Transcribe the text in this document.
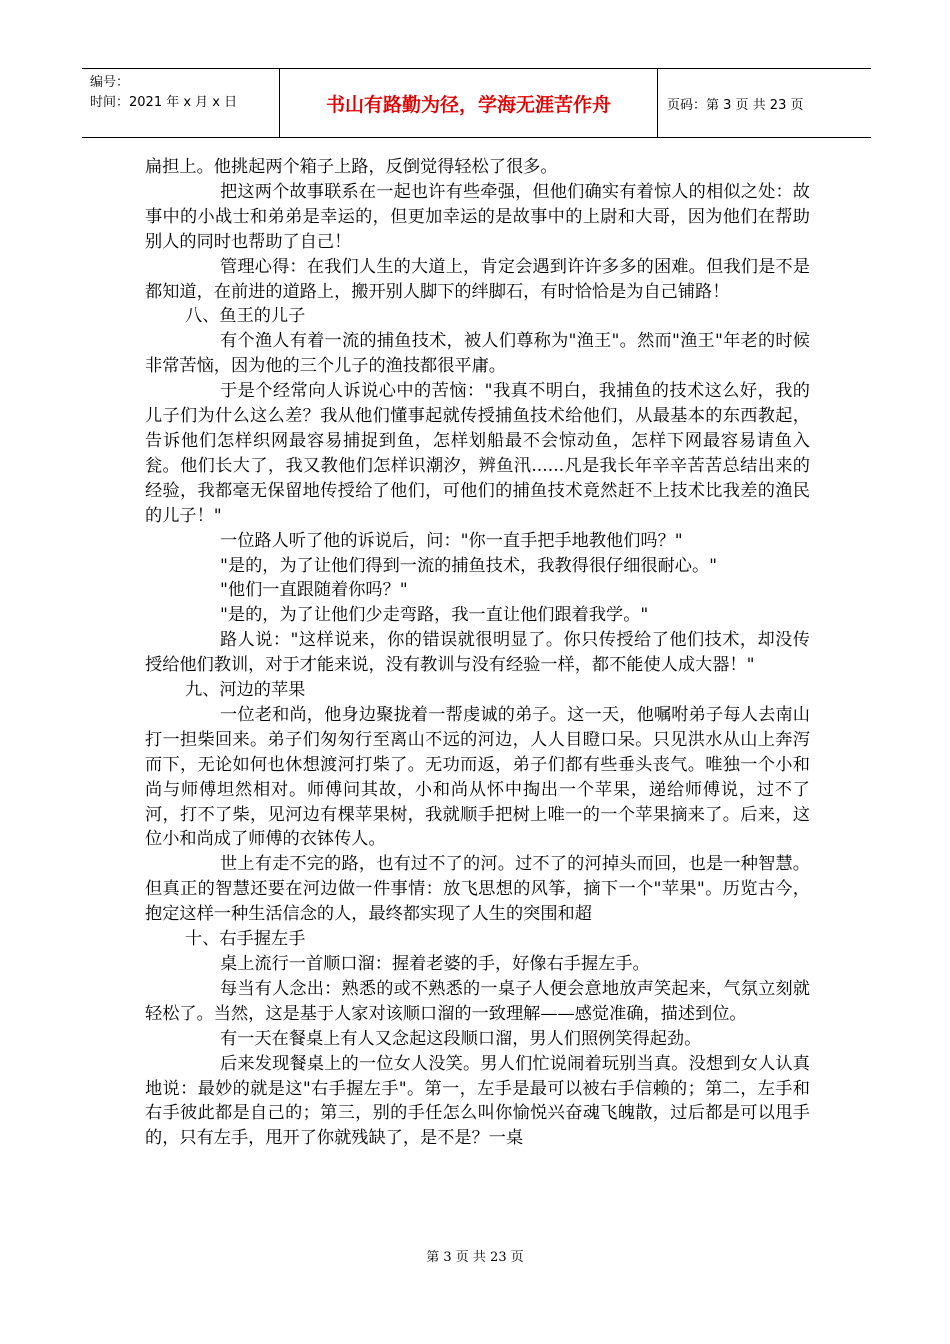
编号：
时间：2021 年 x 月 x 日	书山有路勤为径，学海无涯苦作舟	页码：第 3 页 共 23 页

扁担上。他挑起两个箱子上路，反倒觉得轻松了很多。

把这两个故事联系在一起也许有些牵强，但他们确实有着惊人的相似之处：故事中的小战士和弟弟是幸运的，但更加幸运的是故事中的上尉和大哥，因为他们在帮助别人的同时也帮助了自己！

管理心得：在我们人生的大道上，肯定会遇到许许多多的困难。但我们是不是都知道，在前进的道路上，搬开别人脚下的绊脚石，有时恰恰是为自己铺路！

八、鱼王的儿子

有个渔人有着一流的捕鱼技术，被人们尊称为"渔王"。然而"渔王"年老的时候非常苦恼，因为他的三个儿子的渔技都很平庸。

于是个经常向人诉说心中的苦恼："我真不明白，我捕鱼的技术这么好，我的儿子们为什么这么差？我从他们懂事起就传授捕鱼技术给他们，从最基本的东西教起，告诉他们怎样织网最容易捕捉到鱼，怎样划船最不会惊动鱼，怎样下网最容易请鱼入瓮。他们长大了，我又教他们怎样识潮汐，辨鱼汛......凡是我长年辛辛苦苦总结出来的经验，我都毫无保留地传授给了他们，可他们的捕鱼技术竟然赶不上技术比我差的渔民的儿子！"

一位路人听了他的诉说后，问："你一直手把手地教他们吗？"

"是的，为了让他们得到一流的捕鱼技术，我教得很仔细很耐心。"

"他们一直跟随着你吗？"

"是的，为了让他们少走弯路，我一直让他们跟着我学。"

路人说："这样说来，你的错误就很明显了。你只传授给了他们技术，却没传授给他们教训，对于才能来说，没有教训与没有经验一样，都不能使人成大器！"

九、河边的苹果

一位老和尚，他身边聚拢着一帮虔诚的弟子。这一天，他嘱咐弟子每人去南山打一担柴回来。弟子们匆匆行至离山不远的河边，人人目瞪口呆。只见洪水从山上奔泻而下，无论如何也休想渡河打柴了。无功而返，弟子们都有些垂头丧气。唯独一个小和尚与师傅坦然相对。师傅问其故，小和尚从怀中掏出一个苹果，递给师傅说，过不了河，打不了柴，见河边有棵苹果树，我就顺手把树上唯一的一个苹果摘来了。后来，这位小和尚成了师傅的衣钵传人。

世上有走不完的路，也有过不了的河。过不了的河掉头而回，也是一种智慧。但真正的智慧还要在河边做一件事情：放飞思想的风筝，摘下一个"苹果"。历览古今，抱定这样一种生活信念的人，最终都实现了人生的突围和超

十、右手握左手

桌上流行一首顺口溜：握着老婆的手，好像右手握左手。

每当有人念出：熟悉的或不熟悉的一桌子人便会意地放声笑起来，气氛立刻就轻松了。当然，这是基于人家对该顺口溜的一致理解——感觉准确，描述到位。

有一天在餐桌上有人又念起这段顺口溜，男人们照例笑得起劲。

后来发现餐桌上的一位女人没笑。男人们忙说闹着玩别当真。没想到女人认真地说：最妙的就是这"右手握左手"。第一，左手是最可以被右手信赖的；第二，左手和右手彼此都是自己的；第三，别的手任怎么叫你愉悦兴奋魂飞魄散，过后都是可以甩手的，只有左手，甩开了你就残缺了，是不是？一桌

第 3 页 共 23 页
